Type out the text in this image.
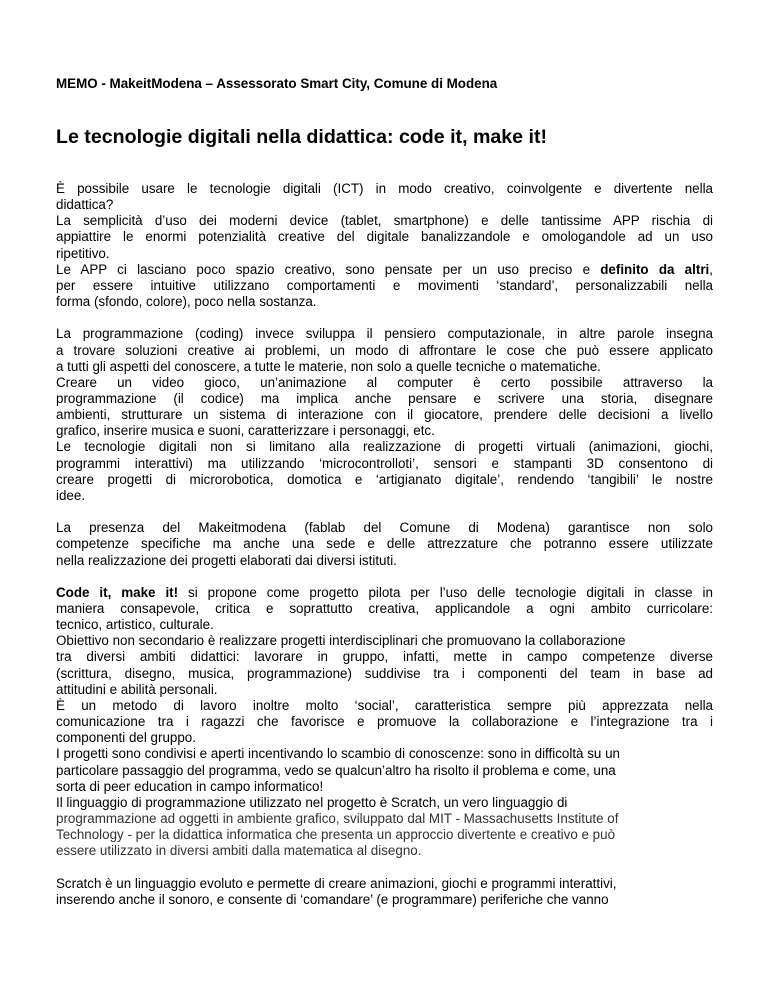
MEMO - MakeitModena – Assessorato Smart City, Comune di Modena
Le tecnologie digitali nella didattica: code it, make it!
È possibile usare le tecnologie digitali (ICT) in modo creativo, coinvolgente e divertente nella
didattica?
La semplicità d’uso dei moderni device (tablet, smartphone) e delle tantissime APP rischia di
appiattire le enormi potenzialità creative del digitale banalizzandole e omologandole ad un uso
ripetitivo.
Le APP ci lasciano poco spazio creativo, sono pensate per un uso preciso e definito da altri,
per essere intuitive utilizzano comportamenti e movimenti ‘standard’, personalizzabili nella
forma (sfondo, colore), poco nella sostanza.
La programmazione (coding) invece sviluppa il pensiero computazionale, in altre parole insegna
a trovare soluzioni creative ai problemi, un modo di affrontare le cose che può essere applicato
a tutti gli aspetti del conoscere, a tutte le materie, non solo a quelle tecniche o matematiche.
Creare un video gioco, un’animazione al computer è certo possibile attraverso la
programmazione (il codice) ma implica anche pensare e scrivere una storia, disegnare
ambienti, strutturare un sistema di interazione con il giocatore, prendere delle decisioni a livello
grafico, inserire musica e suoni, caratterizzare i personaggi, etc.
Le tecnologie digitali non si limitano alla realizzazione di progetti virtuali (animazioni, giochi,
programmi interattivi) ma utilizzando ‘microcontrolloti’, sensori e stampanti 3D consentono di
creare progetti di microrobotica, domotica e ‘artigianato digitale’, rendendo ‘tangibili’ le nostre
idee.
La presenza del Makeitmodena (fablab del Comune di Modena) garantisce non solo
competenze specifiche ma anche una sede e delle attrezzature che potranno essere utilizzate
nella realizzazione dei progetti elaborati dai diversi istituti.
Code it, make it! si propone come progetto pilota per l’uso delle tecnologie digitali in classe in
maniera consapevole, critica e soprattutto creativa, applicandole a ogni ambito curricolare:
tecnico, artistico, culturale.
Obiettivo non secondario è realizzare progetti interdisciplinari che promuovano la collaborazione
tra diversi ambiti didattici: lavorare in gruppo, infatti, mette in campo competenze diverse
(scrittura, disegno, musica, programmazione) suddivise tra i componenti del team in base ad
attitudini e abilità personali.
È un metodo di lavoro inoltre molto ‘social’, caratteristica sempre più apprezzata nella
comunicazione tra i ragazzi che favorisce e promuove la collaborazione e l’integrazione tra i
componenti del gruppo.
I progetti sono condivisi e aperti incentivando lo scambio di conoscenze: sono in difficoltà su un
particolare passaggio del programma, vedo se qualcun’altro ha risolto il problema e come, una
sorta di peer education in campo informatico!
Il linguaggio di programmazione utilizzato nel progetto è Scratch, un vero linguaggio di
programmazione ad oggetti in ambiente grafico, sviluppato dal MIT - Massachusetts Institute of
Technology - per la didattica informatica che presenta un approccio divertente e creativo e può
essere utilizzato in diversi ambiti dalla matematica al disegno.
Scratch è un linguaggio evoluto e permette di creare animazioni, giochi e programmi interattivi,
inserendo anche il sonoro, e consente di ‘comandare’ (e programmare) periferiche che vanno
